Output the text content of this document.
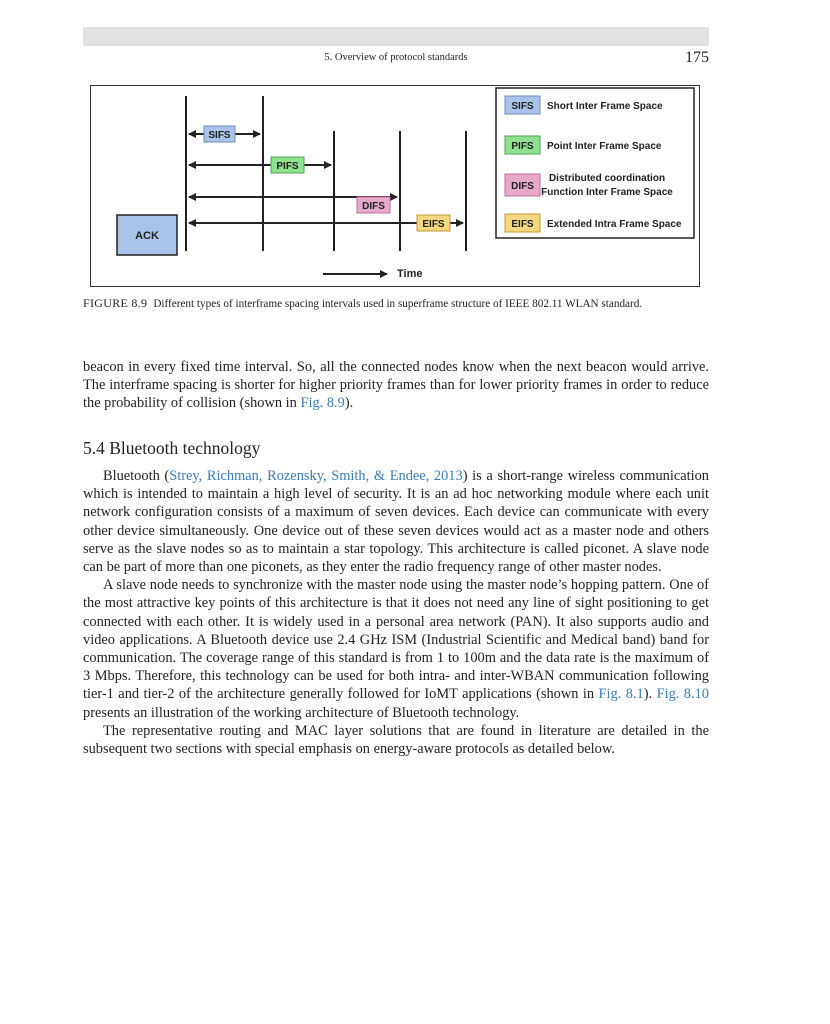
5. Overview of protocol standards	175
SIFS
PIFS
DIFS
EIFS
ACK
Time
SIFS Short Inter Frame Space
PIFS Point Inter Frame Space
DIFS
Distributed coordination
Function Inter Frame Space
EIFS Extended Intra Frame Space
FIGURE 8.9 Different types of interframe spacing intervals used in superframe structure of IEEE 802.11 WLAN standard.
beacon in every fixed time interval. So, all the connected nodes know when the next beacon would arrive. The interframe spacing is shorter for higher priority frames than for lower priority frames in order to reduce the probability of collision (shown in Fig. 8.9).
5.4 Bluetooth technology
Bluetooth (Strey, Richman, Rozensky, Smith, & Endee, 2013) is a short-range wireless communication which is intended to maintain a high level of security. It is an ad hoc networking module where each unit network configuration consists of a maximum of seven devices. Each device can communicate with every other device simultaneously. One device out of these seven devices would act as a master node and others serve as the slave nodes so as to maintain a star topology. This architecture is called piconet. A slave node can be part of more than one piconets, as they enter the radio frequency range of other master nodes.
A slave node needs to synchronize with the master node using the master node’s hopping pattern. One of the most attractive key points of this architecture is that it does not need any line of sight positioning to get connected with each other. It is widely used in a personal area network (PAN). It also supports audio and video applications. A Bluetooth device use 2.4 GHz ISM (Industrial Scientific and Medical band) band for communication. The coverage range of this standard is from 1 to 100m and the data rate is the maximum of 3 Mbps. Therefore, this technology can be used for both intra- and inter-WBAN communication following tier-1 and tier-2 of the architecture generally followed for IoMT applications (shown in Fig. 8.1). Fig. 8.10 presents an illustration of the working architecture of Bluetooth technology.
The representative routing and MAC layer solutions that are found in literature are detailed in the subsequent two sections with special emphasis on energy-aware protocols as detailed below.
